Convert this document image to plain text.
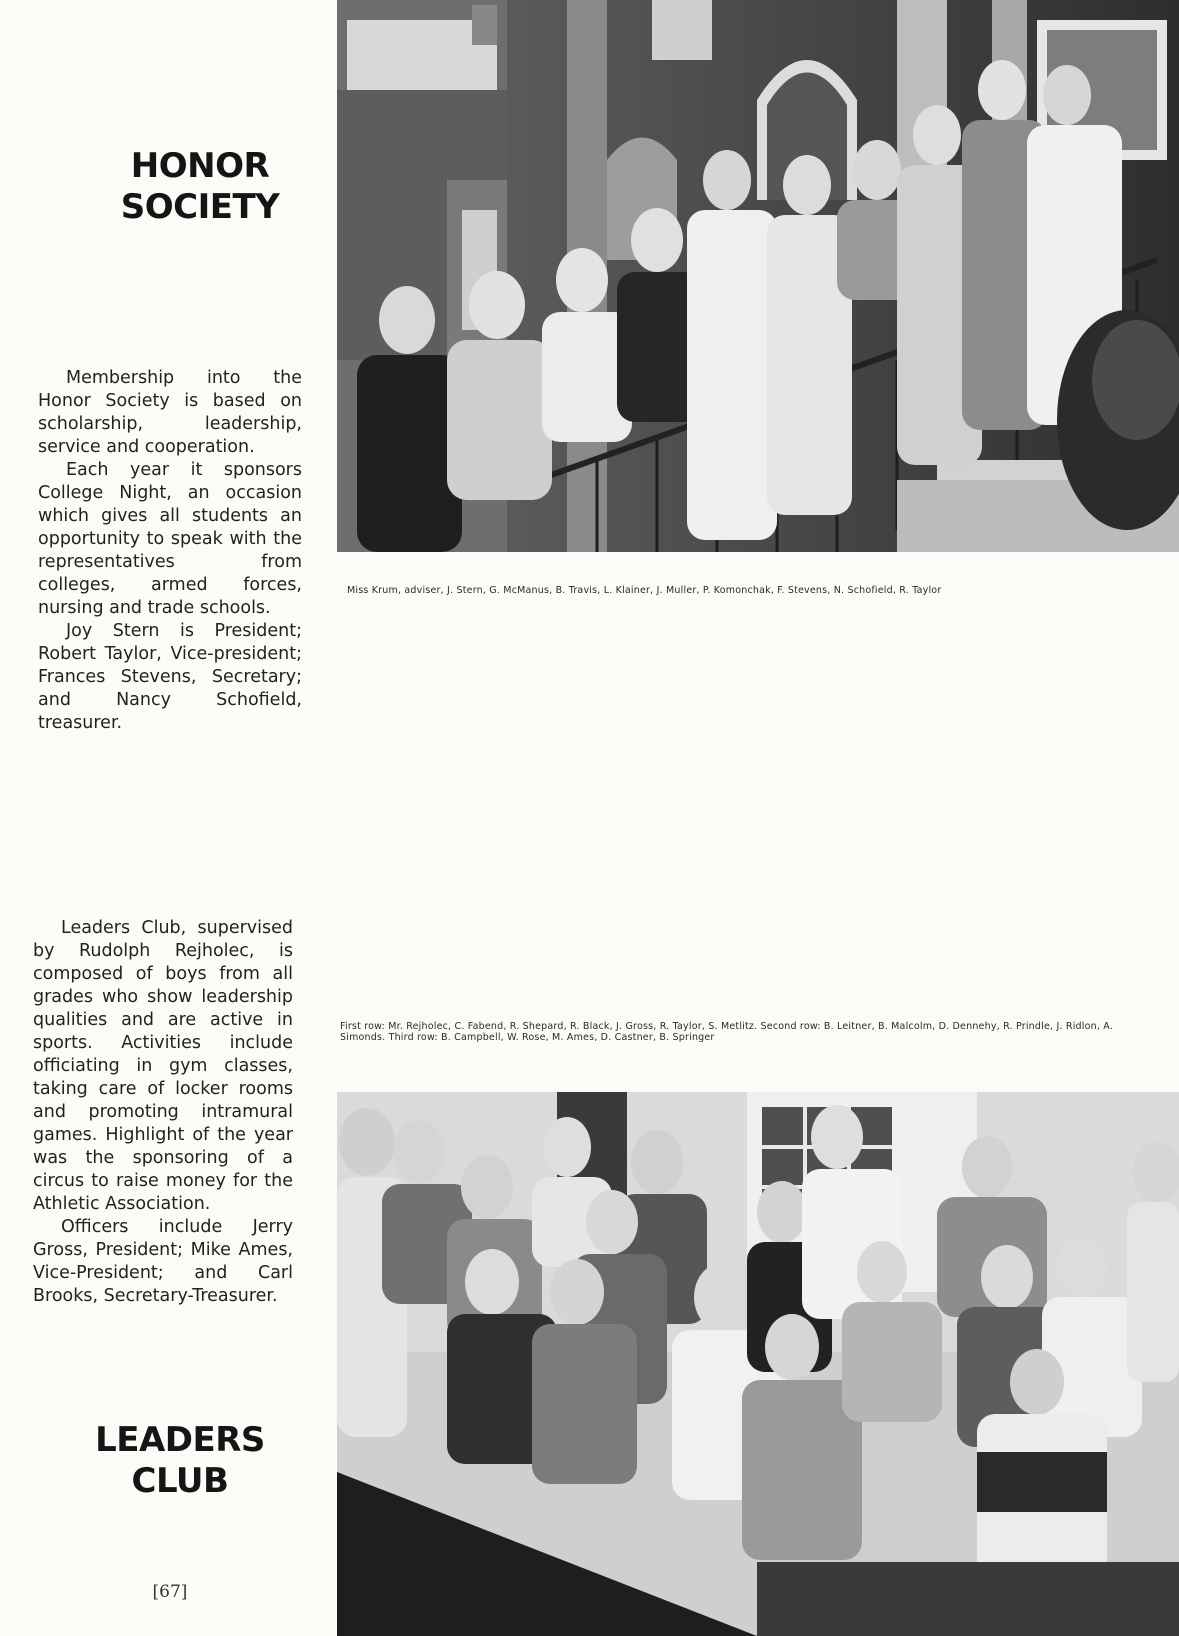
HONOR
SOCIETY

Miss Krum, adviser, J. Stern, G. McManus, B. Travis, L. Klainer, J. Muller, P. Komonchak, F. Stevens, N. Schofield, R. Taylor

Membership into the Honor Society is based on scholarship, leadership, service and cooperation.

Each year it sponsors College Night, an occasion which gives all students an opportunity to speak with the representatives from colleges, armed forces, nursing and trade schools.

Joy Stern is President; Robert Taylor, Vice-president; Frances Stevens, Secretary; and Nancy Schofield, treasurer.

Leaders Club, supervised by Rudolph Rejholec, is composed of boys from all grades who show leadership qualities and are active in sports. Activities include officiating in gym classes, taking care of locker rooms and promoting intramural games. Highlight of the year was the sponsoring of a circus to raise money for the Athletic Association.

Officers include Jerry Gross, President; Mike Ames, Vice-President; and Carl Brooks, Secretary-Treasurer.

First row: Mr. Rejholec, C. Fabend, R. Shepard, R. Black, J. Gross, R. Taylor, S. Metlitz. Second row: B. Leitner, B. Malcolm, D. Dennehy, R. Prindle, J. Ridlon, A. Simonds. Third row: B. Campbell, W. Rose, M. Ames, D. Castner, B. Springer

LEADERS
CLUB
[67]
